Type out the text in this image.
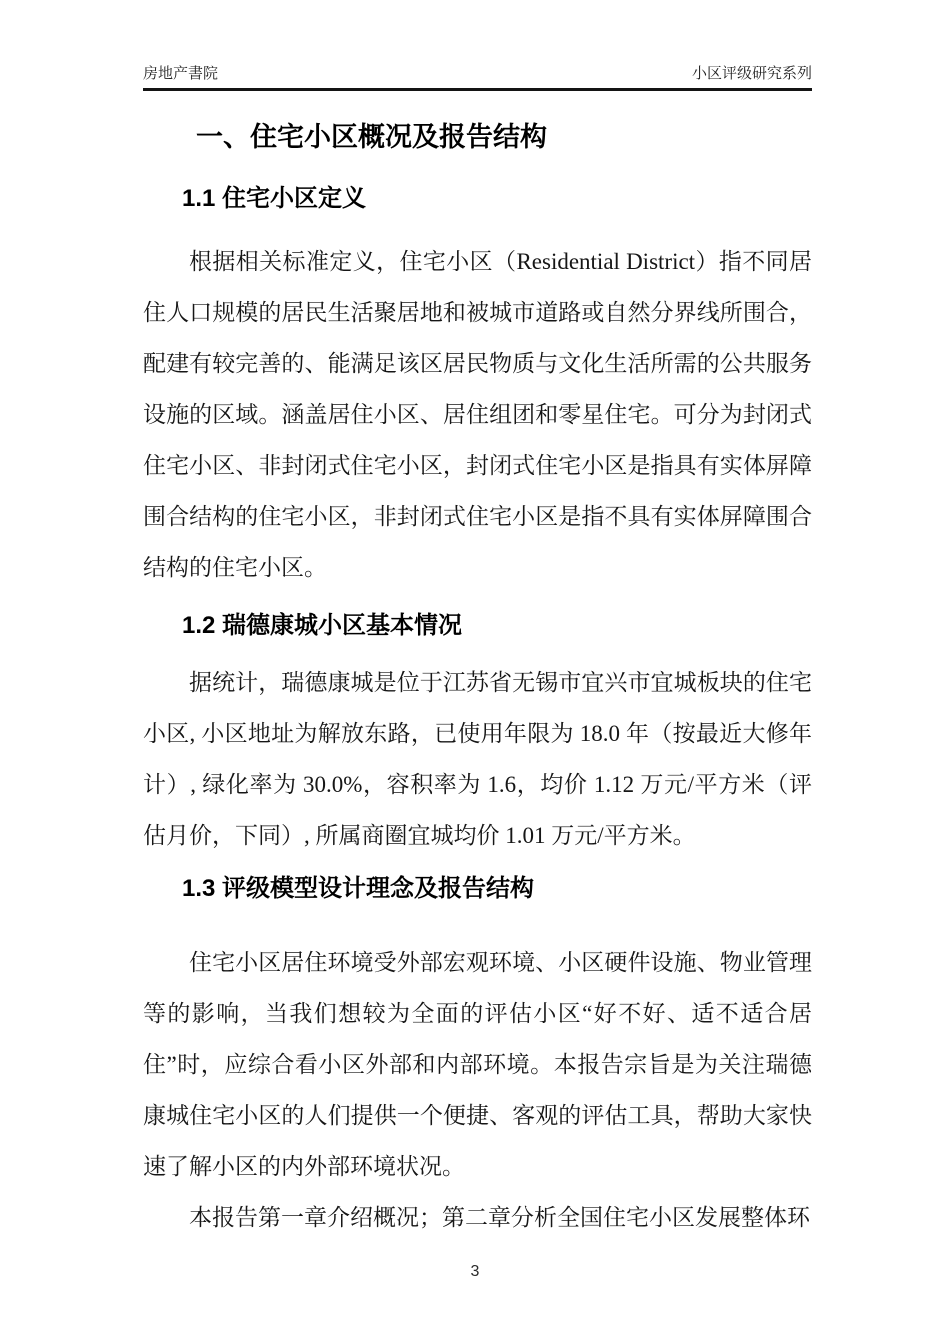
房地产書院	小区评级研究系列
一、住宅小区概况及报告结构
1.1 住宅小区定义

根据相关标准定义，住宅小区（Residential District）指不同居住人口规模的居民生活聚居地和被城市道路或自然分界线所围合，配建有较完善的、能满足该区居民物质与文化生活所需的公共服务设施的区域。涵盖居住小区、居住组团和零星住宅。可分为封闭式住宅小区、非封闭式住宅小区，封闭式住宅小区是指具有实体屏障围合结构的住宅小区，非封闭式住宅小区是指不具有实体屏障围合结构的住宅小区。

1.2 瑞德康城小区基本情况

据统计，瑞德康城是位于江苏省无锡市宜兴市宜城板块的住宅小区, 小区地址为解放东路，已使用年限为 18.0 年（按最近大修年计）, 绿化率为 30.0%，容积率为 1.6，均价 1.12 万元/平方米（评估月价，下同）, 所属商圈宜城均价 1.01 万元/平方米。

1.3 评级模型设计理念及报告结构

住宅小区居住环境受外部宏观环境、小区硬件设施、物业管理等的影响，当我们想较为全面的评估小区“好不好、适不适合居住”时，应综合看小区外部和内部环境。本报告宗旨是为关注瑞德康城住宅小区的人们提供一个便捷、客观的评估工具，帮助大家快速了解小区的内外部环境状况。

本报告第一章介绍概况；第二章分析全国住宅小区发展整体环

3
